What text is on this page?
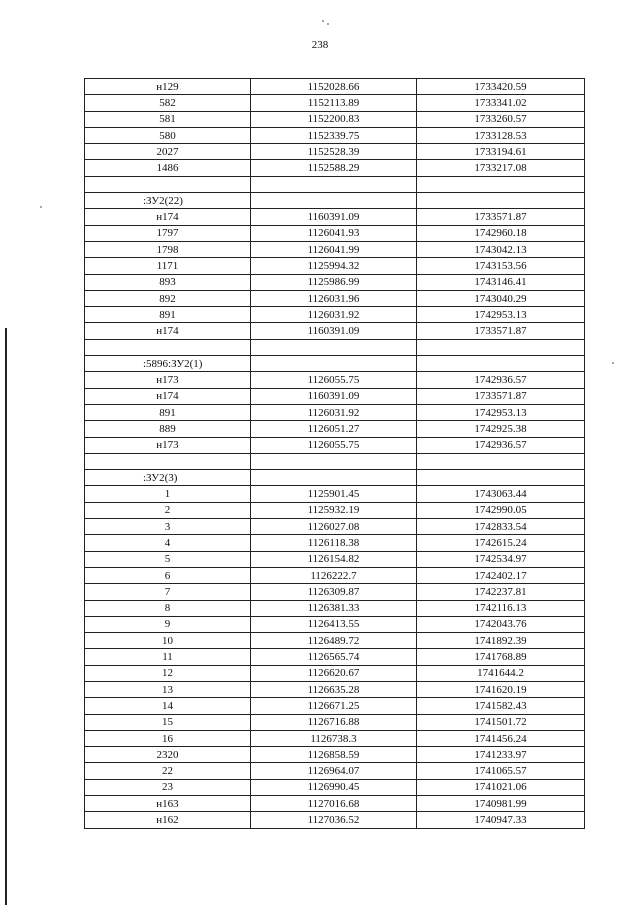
238
н129	1152028.66	1733420.59
582	1152113.89	1733341.02
581	1152200.83	1733260.57
580	1152339.75	1733128.53
2027	1152528.39	1733194.61
1486	1152588.29	1733217.08

:ЗУ2(22)		
н174	1160391.09	1733571.87
1797	1126041.93	1742960.18
1798	1126041.99	1743042.13
1171	1125994.32	1743153.56
893	1125986.99	1743146.41
892	1126031.96	1743040.29
891	1126031.92	1742953.13
н174	1160391.09	1733571.87

:5896:ЗУ2(1)		
н173	1126055.75	1742936.57
н174	1160391.09	1733571.87
891	1126031.92	1742953.13
889	1126051.27	1742925.38
н173	1126055.75	1742936.57

:ЗУ2(3)		
1	1125901.45	1743063.44
2	1125932.19	1742990.05
3	1126027.08	1742833.54
4	1126118.38	1742615.24
5	1126154.82	1742534.97
6	1126222.7	1742402.17
7	1126309.87	1742237.81
8	1126381.33	1742116.13
9	1126413.55	1742043.76
10	1126489.72	1741892.39
11	1126565.74	1741768.89
12	1126620.67	1741644.2
13	1126635.28	1741620.19
14	1126671.25	1741582.43
15	1126716.88	1741501.72
16	1126738.3	1741456.24
2320	1126858.59	1741233.97
22	1126964.07	1741065.57
23	1126990.45	1741021.06
н163	1127016.68	1740981.99
н162	1127036.52	1740947.33
